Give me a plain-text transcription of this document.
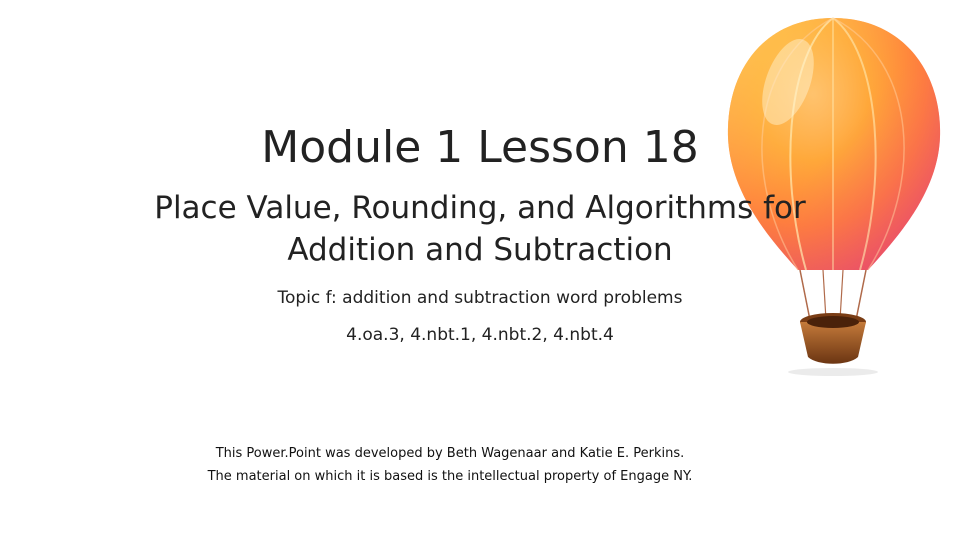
Module 1 Lesson 18
Place Value, Rounding, and Algorithms for
Addition and Subtraction
Topic f: addition and subtraction word problems
4.oa.3, 4.nbt.1, 4.nbt.2, 4.nbt.4
This Power.Point was developed by Beth Wagenaar and Katie E. Perkins.
The material on which it is based is the intellectual property of Engage NY.
